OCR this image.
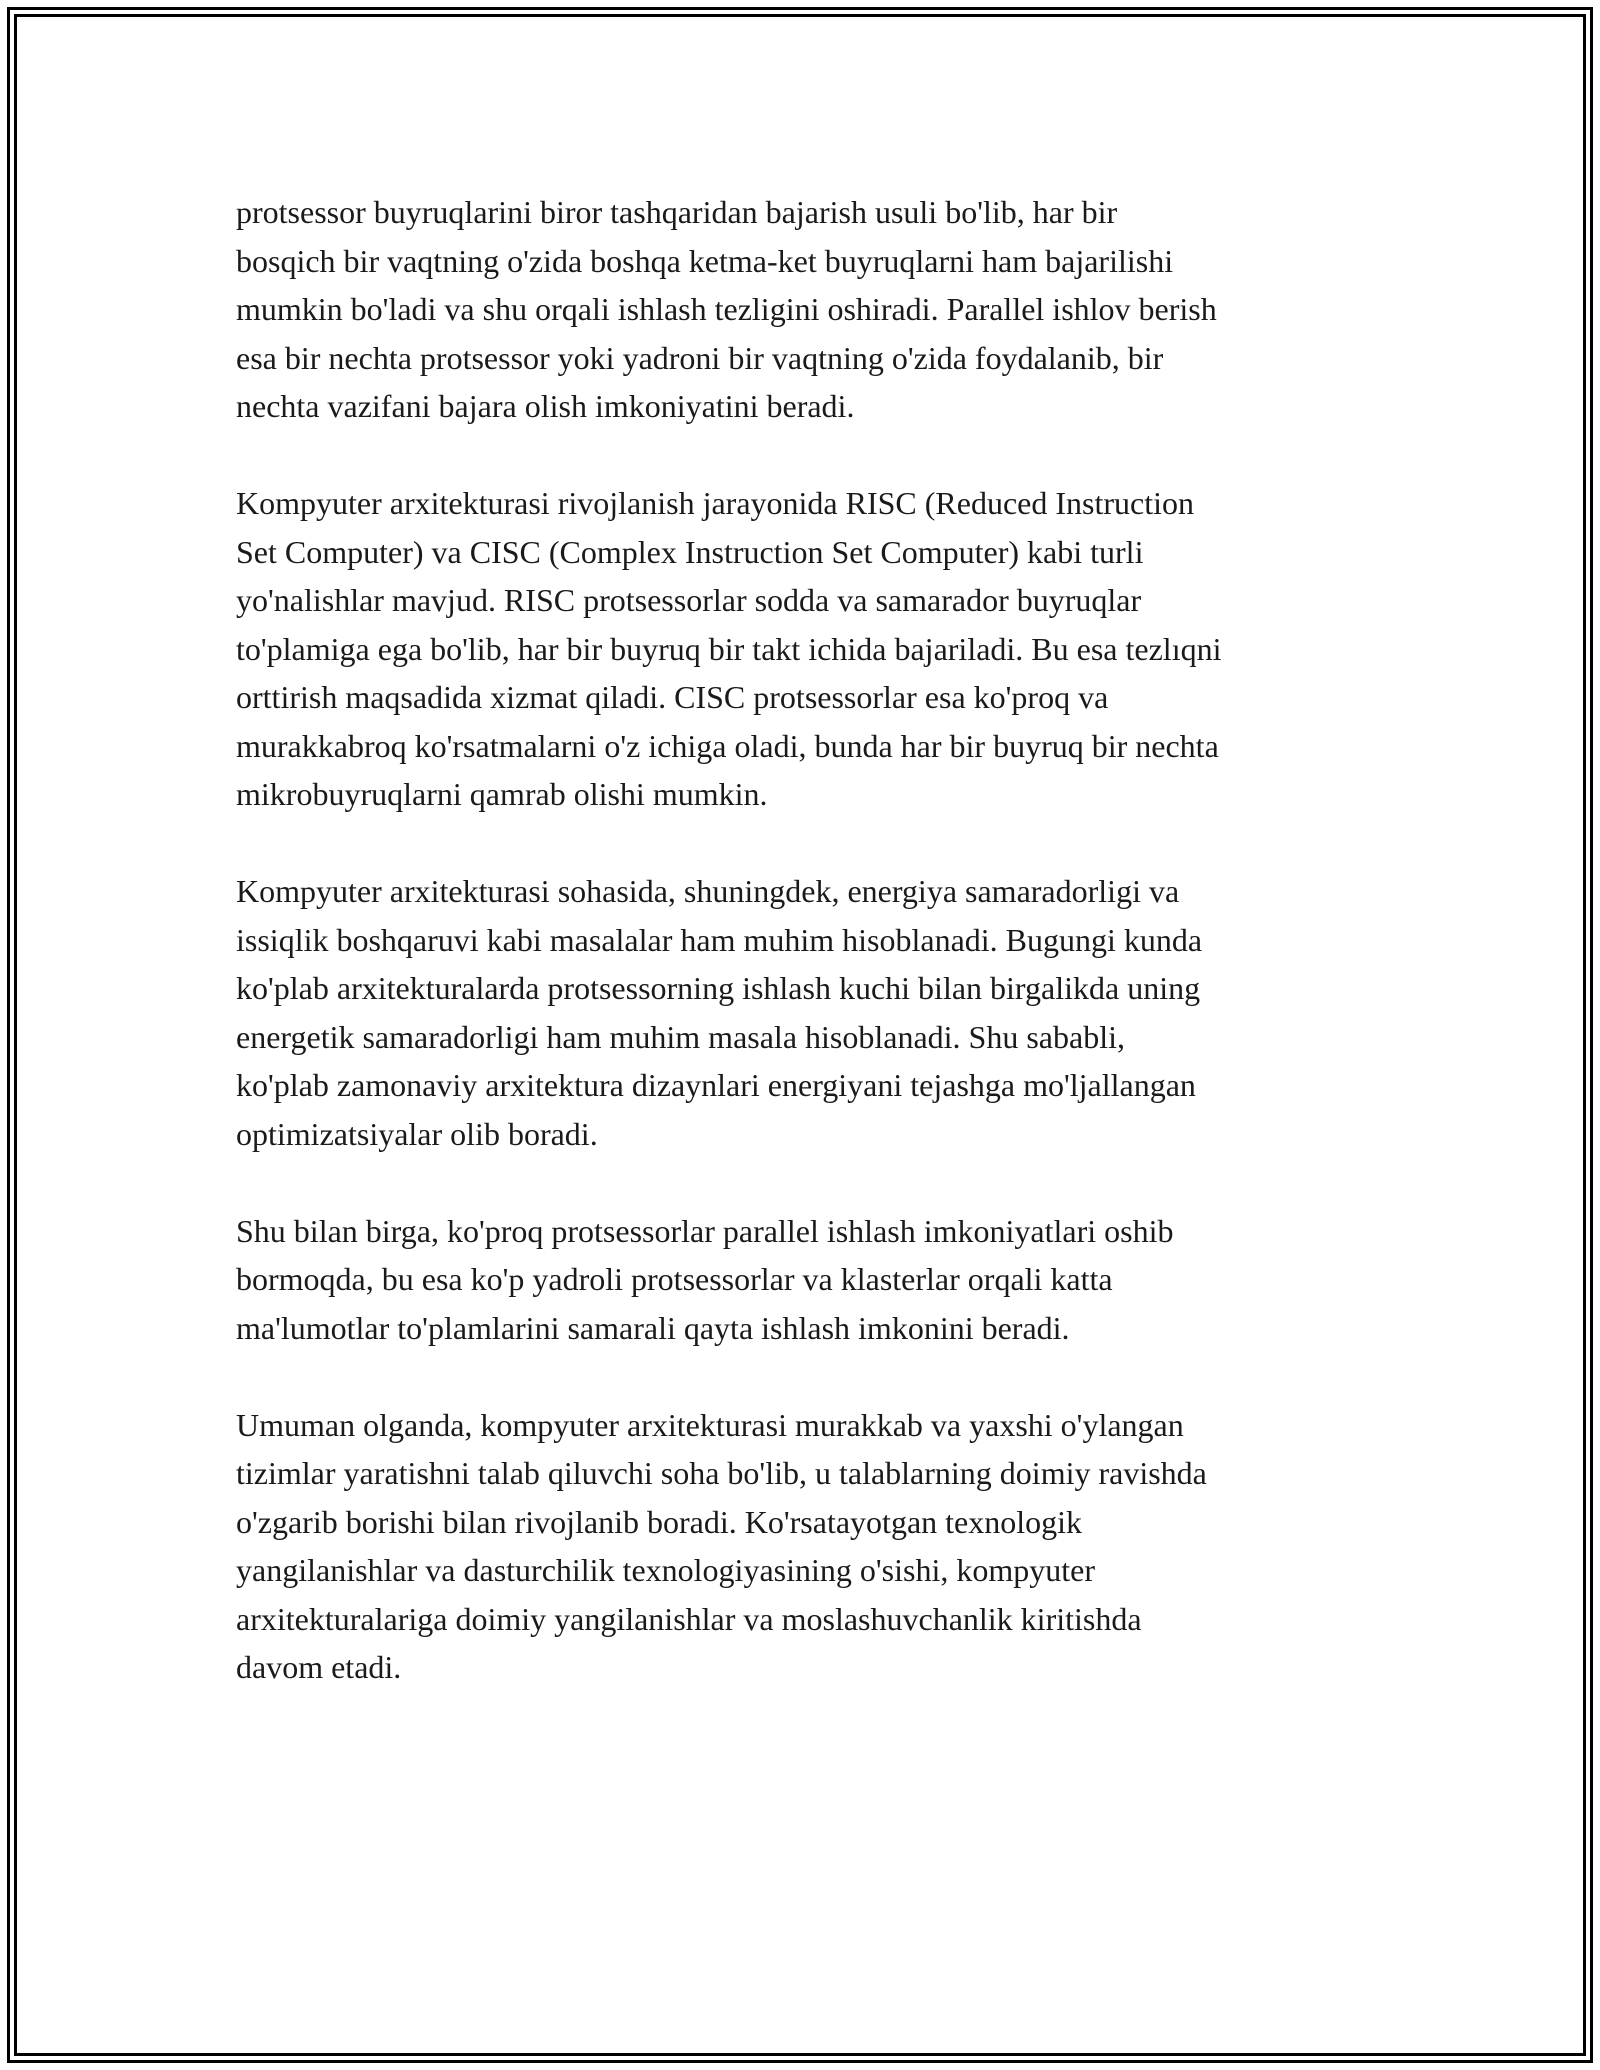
protsessor buyruqlarini biror tashqaridan bajarish usuli bo'lib, har bir
bosqich bir vaqtning o'zida boshqa ketma-ket buyruqlarni ham bajarilishi
mumkin bo'ladi va shu orqali ishlash tezligini oshiradi. Parallel ishlov berish
esa bir nechta protsessor yoki yadroni bir vaqtning o'zida foydalanib, bir
nechta vazifani bajara olish imkoniyatini beradi.

Kompyuter arxitekturasi rivojlanish jarayonida RISC (Reduced Instruction
Set Computer) va CISC (Complex Instruction Set Computer) kabi turli
yo'nalishlar mavjud. RISC protsessorlar sodda va samarador buyruqlar
to'plamiga ega bo'lib, har bir buyruq bir takt ichida bajariladi. Bu esa tezlıqni
orttirish maqsadida xizmat qiladi. CISC protsessorlar esa ko'proq va
murakkabroq ko'rsatmalarni o'z ichiga oladi, bunda har bir buyruq bir nechta
mikrobuyruqlarni qamrab olishi mumkin.

Kompyuter arxitekturasi sohasida, shuningdek, energiya samaradorligi va
issiqlik boshqaruvi kabi masalalar ham muhim hisoblanadi. Bugungi kunda
ko'plab arxitekturalarda protsessorning ishlash kuchi bilan birgalikda uning
energetik samaradorligi ham muhim masala hisoblanadi. Shu sababli,
ko'plab zamonaviy arxitektura dizaynlari energiyani tejashga mo'ljallangan
optimizatsiyalar olib boradi.

Shu bilan birga, ko'proq protsessorlar parallel ishlash imkoniyatlari oshib
bormoqda, bu esa ko'p yadroli protsessorlar va klasterlar orqali katta
ma'lumotlar to'plamlarini samarali qayta ishlash imkonini beradi.

Umuman olganda, kompyuter arxitekturasi murakkab va yaxshi o'ylangan
tizimlar yaratishni talab qiluvchi soha bo'lib, u talablarning doimiy ravishda
o'zgarib borishi bilan rivojlanib boradi. Ko'rsatayotgan texnologik
yangilanishlar va dasturchilik texnologiyasining o'sishi, kompyuter
arxitekturalariga doimiy yangilanishlar va moslashuvchanlik kiritishda
davom etadi.
